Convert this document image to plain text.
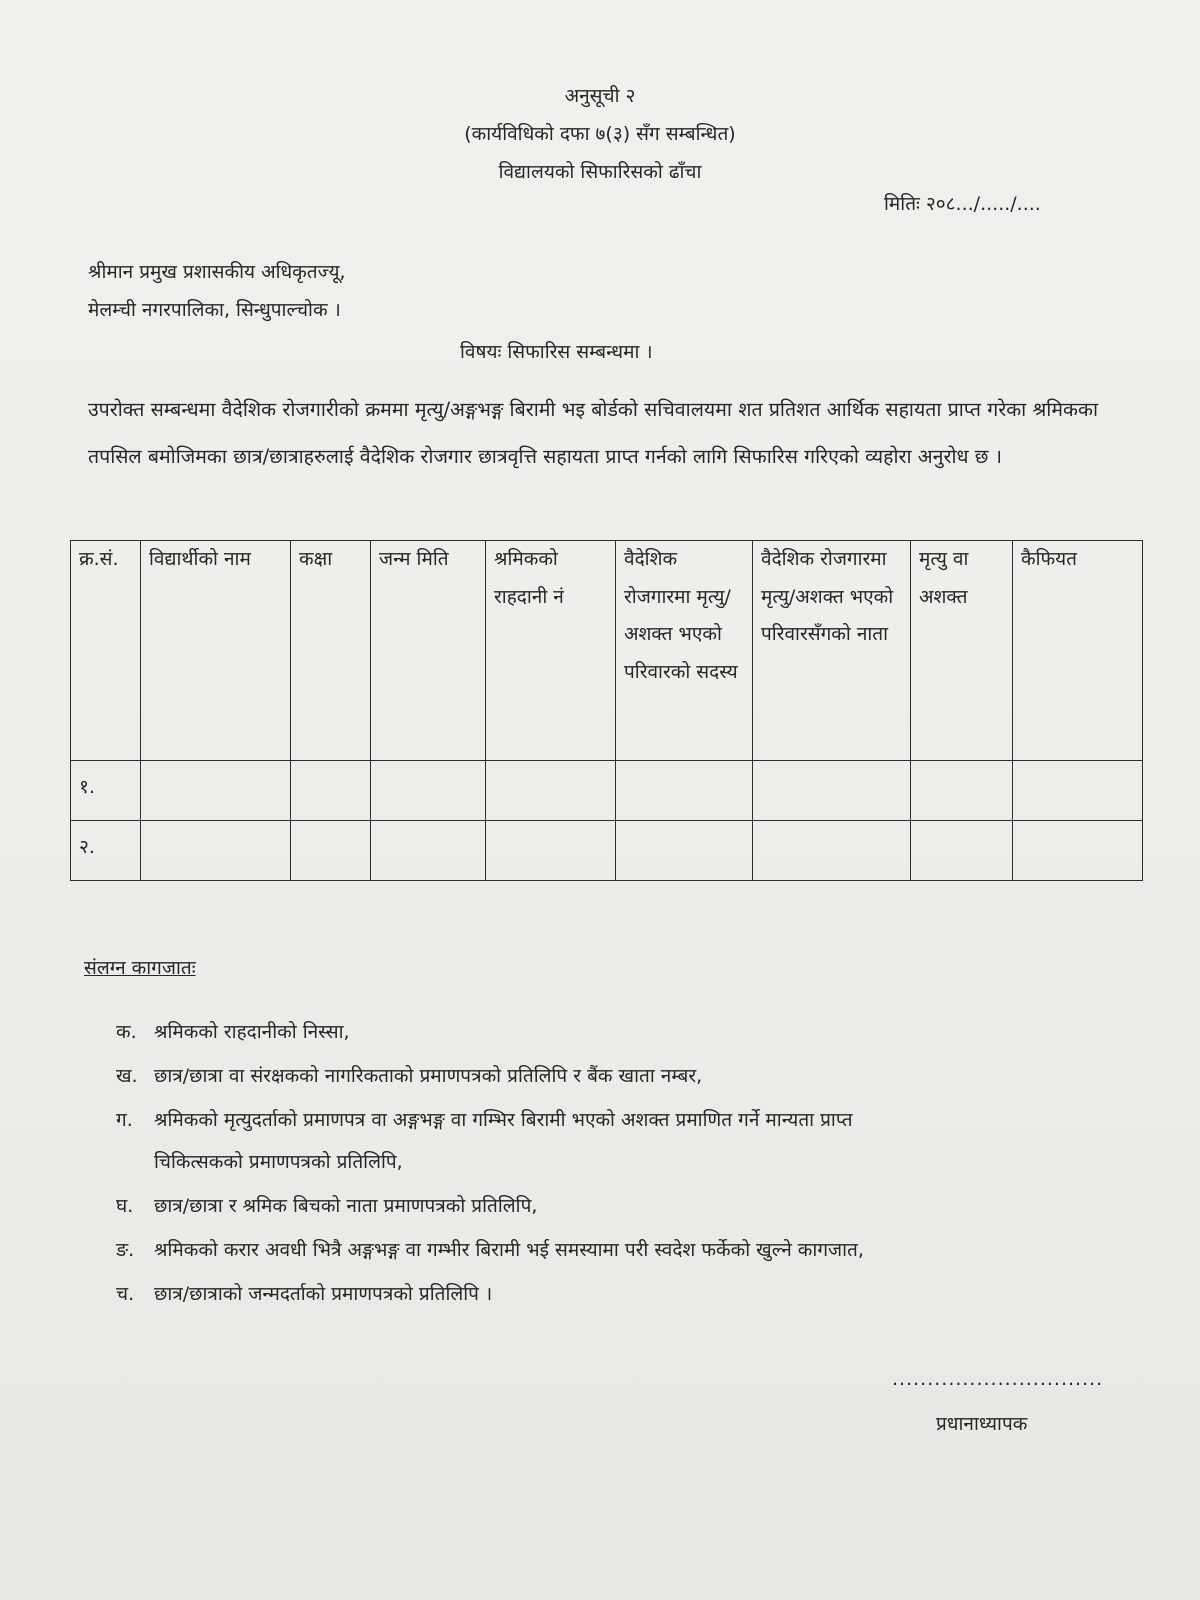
अनुसूची २
(कार्यविधिको दफा ७(३) सँग सम्बन्धित)
विद्यालयको सिफारिसको ढाँचा
मितिः २०८.../...../....
श्रीमान प्रमुख प्रशासकीय अधिकृतज्यू,
मेलम्ची नगरपालिका, सिन्धुपाल्चोक ।
विषयः सिफारिस सम्बन्धमा ।
उपरोक्त सम्बन्धमा वैदेशिक रोजगारीको क्रममा मृत्यु/अङ्गभङ्ग बिरामी भइ बोर्डको सचिवालयमा शत प्रतिशत आर्थिक सहायता प्राप्त गरेका श्रमिकका तपसिल बमोजिमका छात्र/छात्राहरुलाई वैदेशिक रोजगार छात्रवृत्ति सहायता प्राप्त गर्नको लागि सिफारिस गरिएको व्यहोरा अनुरोध छ ।
क्र.सं.	विद्यार्थीको नाम	कक्षा	जन्म मिति	श्रमिकको राहदानी नं	वैदेशिक रोजगारमा मृत्यु/अशक्त भएको परिवारको सदस्य	वैदेशिक रोजगारमा मृत्यु/अशक्त भएको परिवारसँगको नाता	मृत्यु वा अशक्त	कैफियत
१.								
२.								
संलग्न कागजातः
क. श्रमिकको राहदानीको निस्सा,
ख. छात्र/छात्रा वा संरक्षकको नागरिकताको प्रमाणपत्रको प्रतिलिपि र बैंक खाता नम्बर,
ग. श्रमिकको मृत्युदर्ताको प्रमाणपत्र वा अङ्गभङ्ग वा गम्भिर बिरामी भएको अशक्त प्रमाणित गर्ने मान्यता प्राप्त
चिकित्सकको प्रमाणपत्रको प्रतिलिपि,
घ. छात्र/छात्रा र श्रमिक बिचको नाता प्रमाणपत्रको प्रतिलिपि,
ङ. श्रमिकको करार अवधी भित्रै अङ्गभङ्ग वा गम्भीर बिरामी भई समस्यामा परी स्वदेश फर्केको खुल्ने कागजात,
च. छात्र/छात्राको जन्मदर्ताको प्रमाणपत्रको प्रतिलिपि ।
..............................
प्रधानाध्यापक
